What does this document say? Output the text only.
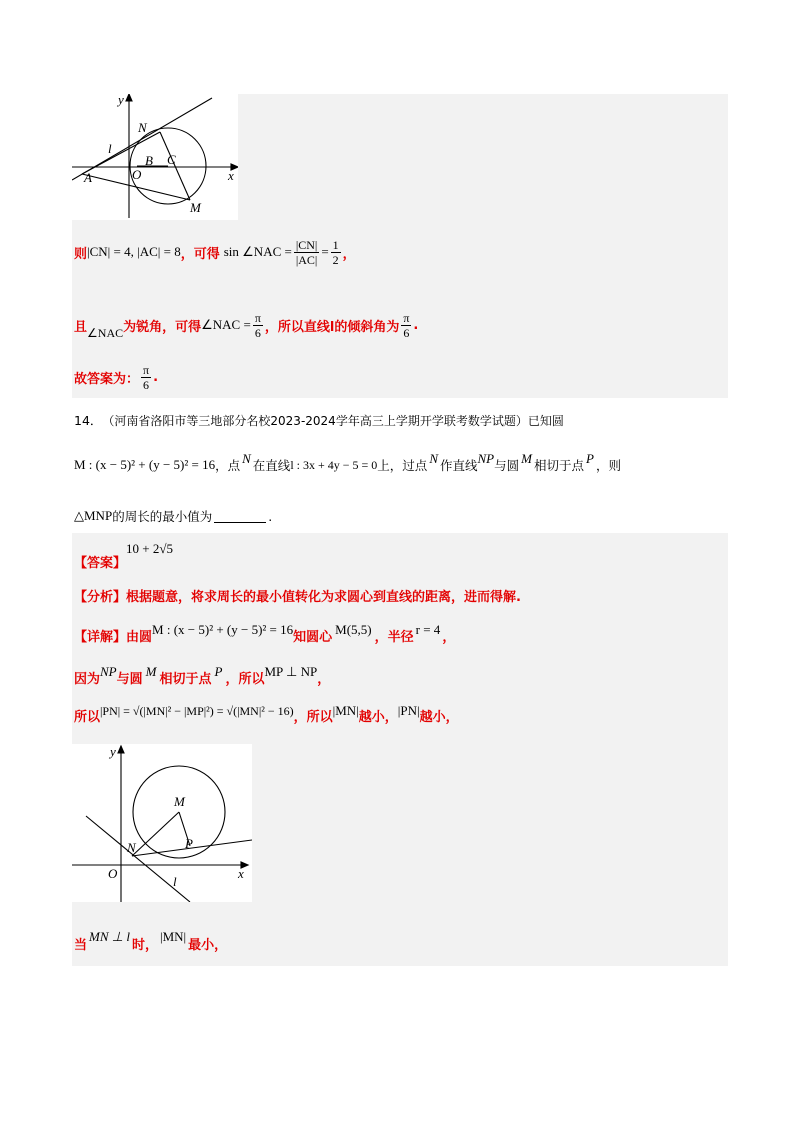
y
x
N
l
B C
A	O
M
则 |CN| = 4, |AC| = 8 ，可得 sin ∠NAC = $\frac{|CN|}{|AC|} = \frac{1}{2}$ ，
且 ∠NAC 为锐角，可得 ∠NAC = $\frac{\pi}{6}$ ，所以直线l的倾斜角为 $\frac{\pi}{6}$ .
故答案为： $\frac{\pi}{6}$ .
14． （河南省洛阳市等三地部分名校2023-2024学年高三上学期开学联考数学试题）已知圆
M : (x − 5)² + (y − 5)² = 16 ，点 N 在直线 l : 3x + 4y − 5 = 0 上，过点 N 作直线 NP 与圆 M 相切于点 P ，则
△MNP 的周长的最小值为	.
【答案】
10 + 2√5
【分析】 根据题意，将求周长的最小值转化为求圆心到直线的距离，进而得解.
【详解】 由圆 M : (x − 5)² + (y − 5)² = 16 知圆心 M(5,5) ，半径 r = 4 ，
因为 NP 与圆 M 相切于点 P ，所以 MP ⊥ NP ，
所以 |PN| = √(|MN|² − |MP|²) = √(|MN|² − 16) ，所以 |MN| 越小， |PN| 越小，
y
M
N	P
O	x
l
当
MN ⊥ l
时，
|MN|
最小，
